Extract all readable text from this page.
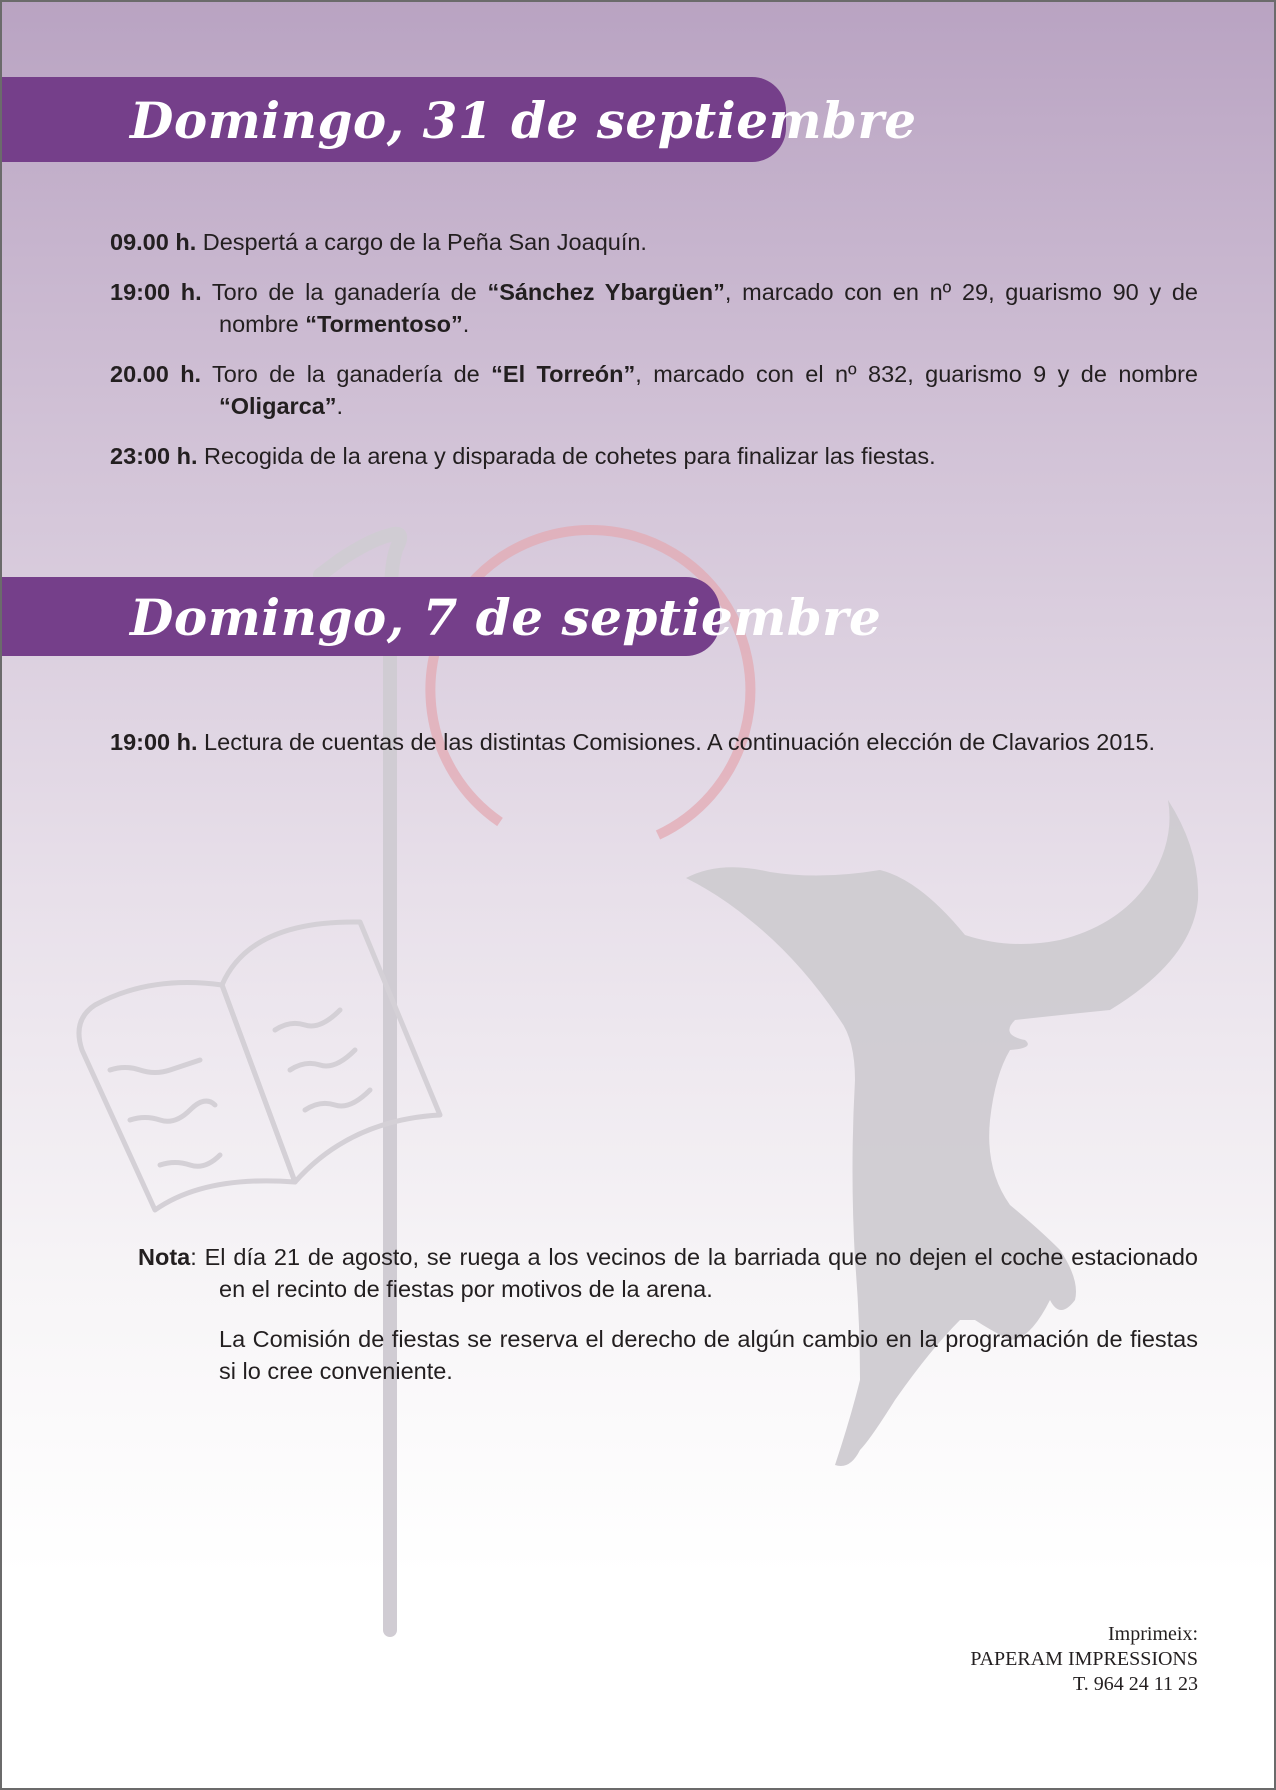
Domingo, 31 de septiembre

09.00 h. Despertá a cargo de la Peña San Joaquín.

19:00 h. Toro de la ganadería de “Sánchez Ybargüen”, marcado con en nº 29, guarismo 90 y de nombre “Tormentoso”.

20.00 h. Toro de la ganadería de “El Torreón”, marcado con el nº 832, guarismo 9 y de nombre “Oligarca”.

23:00 h. Recogida de la arena y disparada de cohetes para finalizar las fiestas.

Domingo, 7 de septiembre

19:00 h. Lectura de cuentas de las distintas Comisiones. A continuación elección de Clavarios 2015.

Nota: El día 21 de agosto, se ruega a los vecinos de la barriada que no dejen el coche estacionado en el recinto de fiestas por motivos de la arena.

La Comisión de fiestas se reserva el derecho de algún cambio en la programación de fiestas si lo cree conveniente.

Imprimeix:
PAPERAM IMPRESSIONS
T. 964 24 11 23
